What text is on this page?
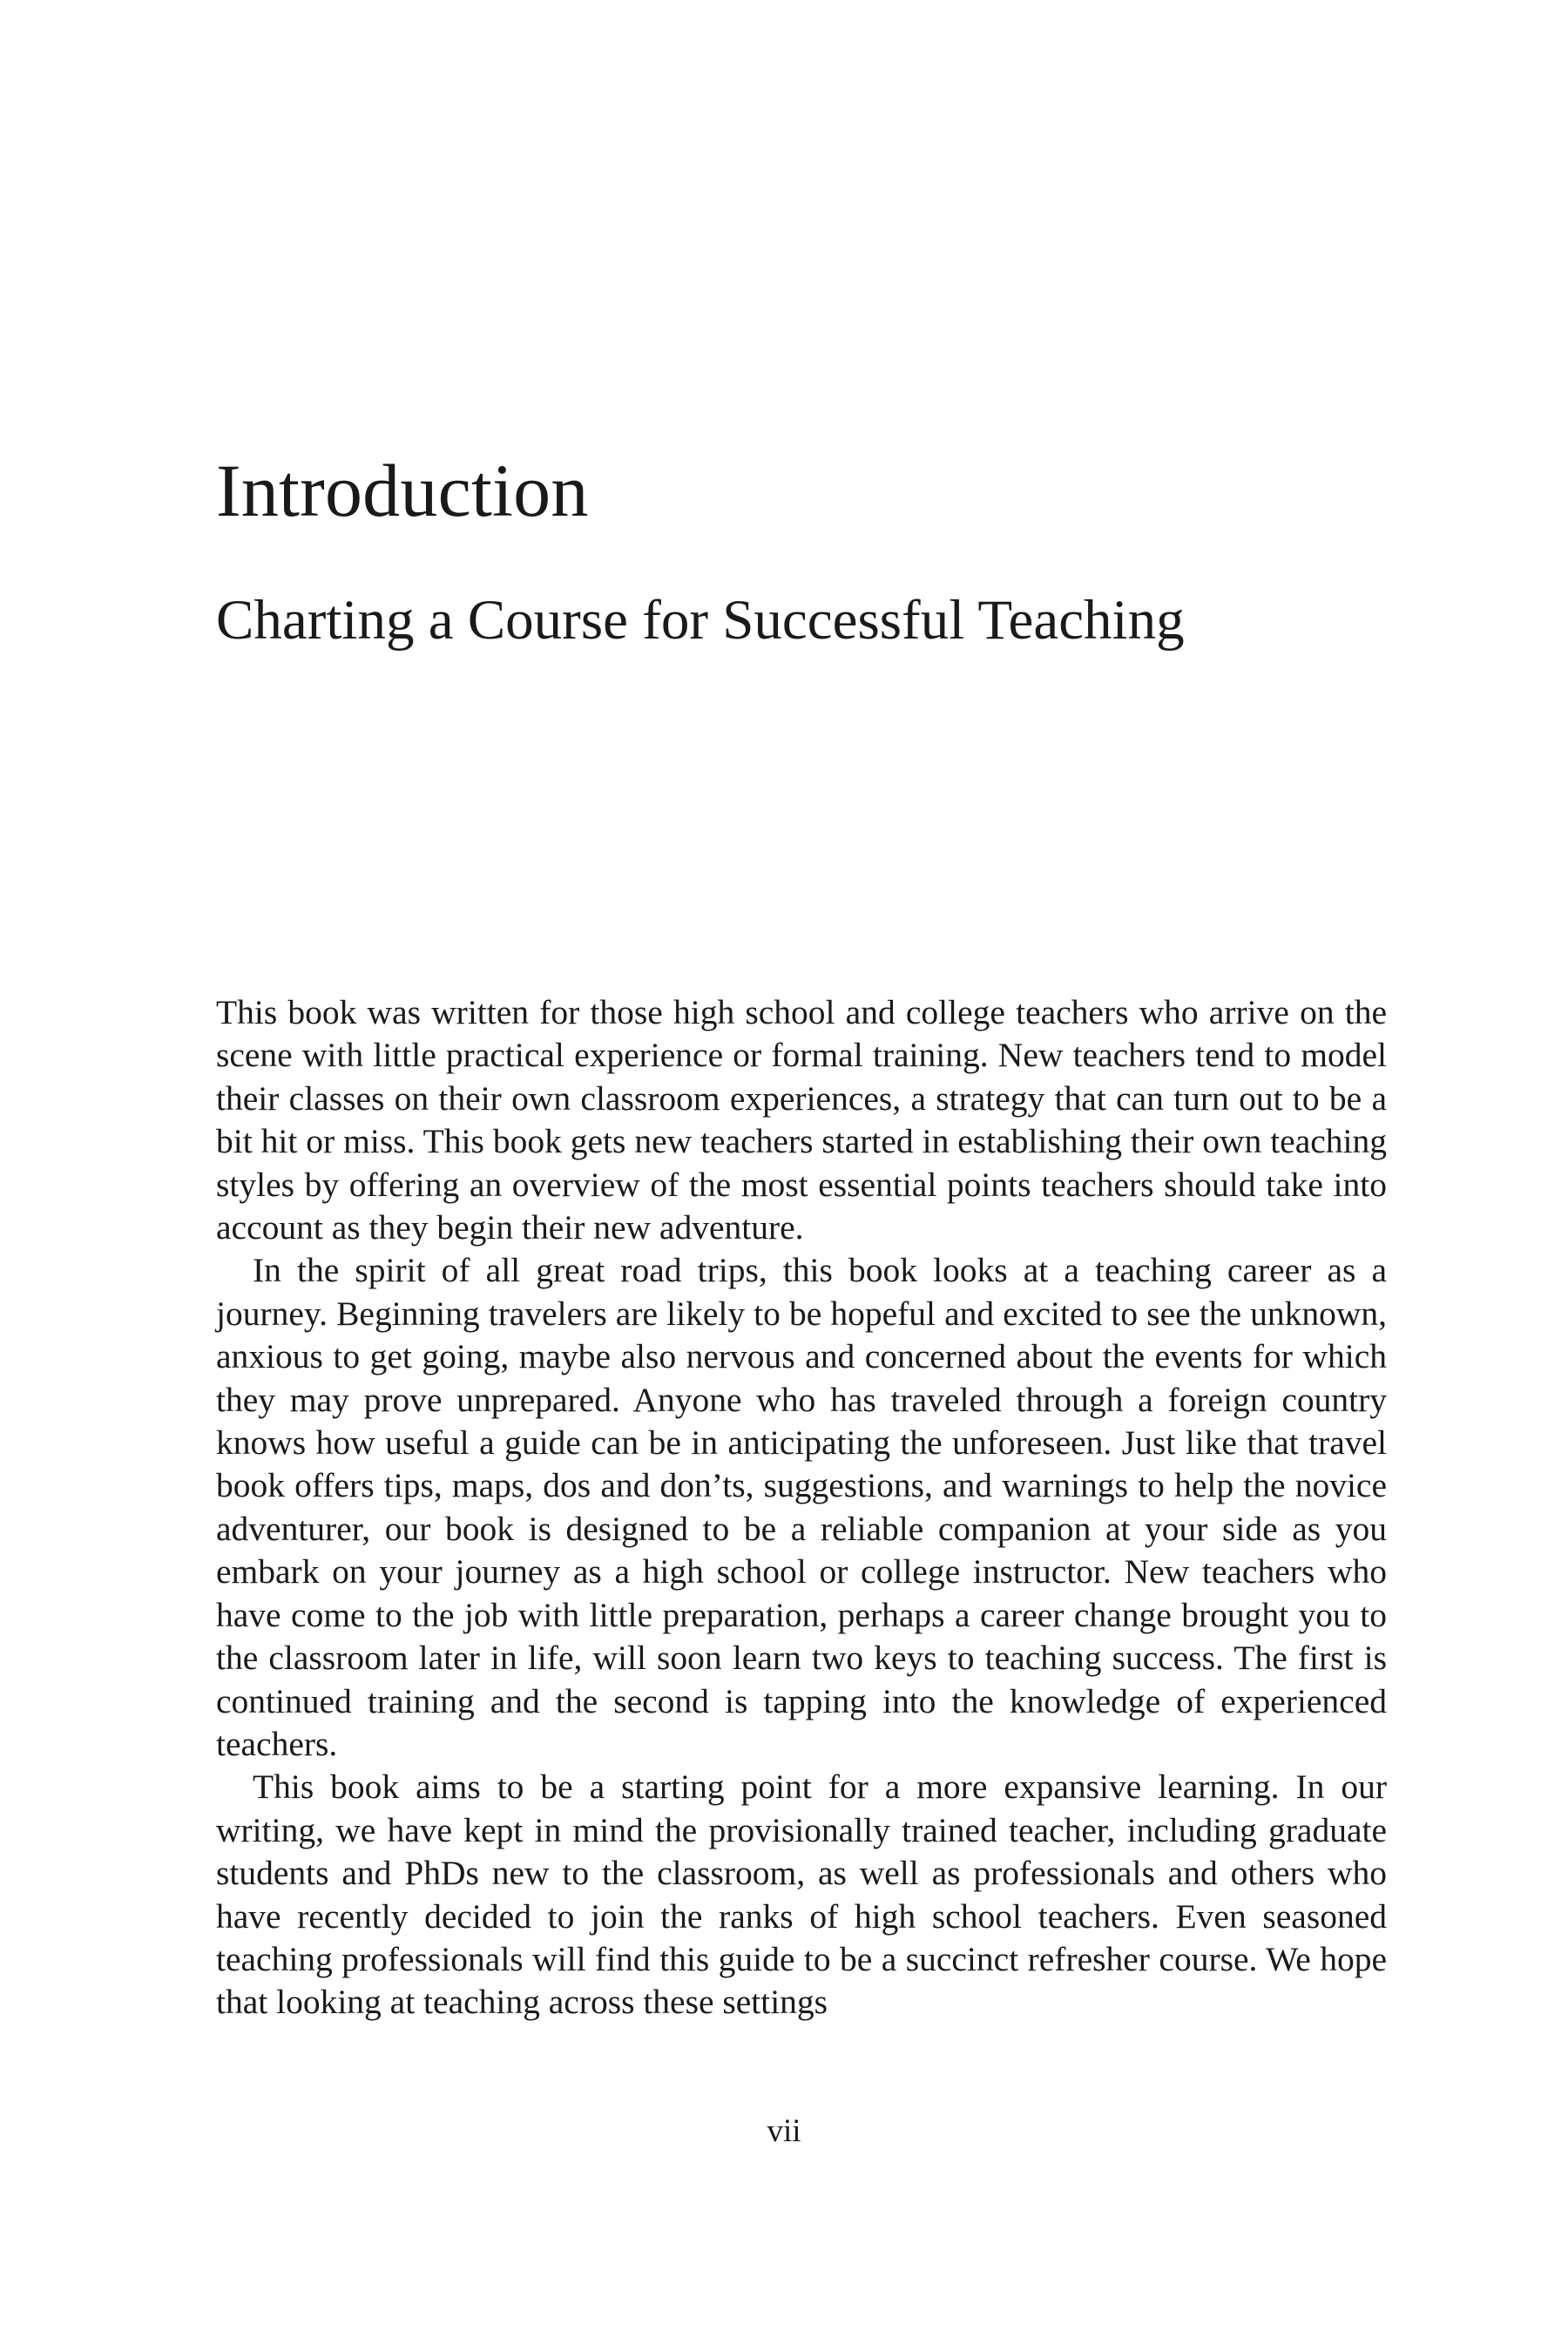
Introduction
Charting a Course for Successful Teaching

This book was written for those high school and college teachers who arrive on the scene with little practical experience or formal training. New teachers tend to model their classes on their own classroom experiences, a strategy that can turn out to be a bit hit or miss. This book gets new teachers started in establishing their own teaching styles by offering an overview of the most essential points teachers should take into account as they begin their new adventure.

In the spirit of all great road trips, this book looks at a teaching career as a journey. Beginning travelers are likely to be hopeful and excited to see the unknown, anxious to get going, maybe also nervous and concerned about the events for which they may prove unprepared. Anyone who has traveled through a foreign country knows how useful a guide can be in anticipating the unforeseen. Just like that travel book offers tips, maps, dos and don’ts, suggestions, and warnings to help the novice adventurer, our book is designed to be a reliable companion at your side as you embark on your journey as a high school or college instructor. New teachers who have come to the job with little preparation, perhaps a career change brought you to the classroom later in life, will soon learn two keys to teaching success. The first is continued training and the second is tapping into the knowledge of experienced teachers.

This book aims to be a starting point for a more expansive learning. In our writing, we have kept in mind the provisionally trained teacher, including graduate students and PhDs new to the classroom, as well as professionals and others who have recently decided to join the ranks of high school teachers. Even seasoned teaching professionals will find this guide to be a succinct refresher course. We hope that looking at teaching across these settings

vii
